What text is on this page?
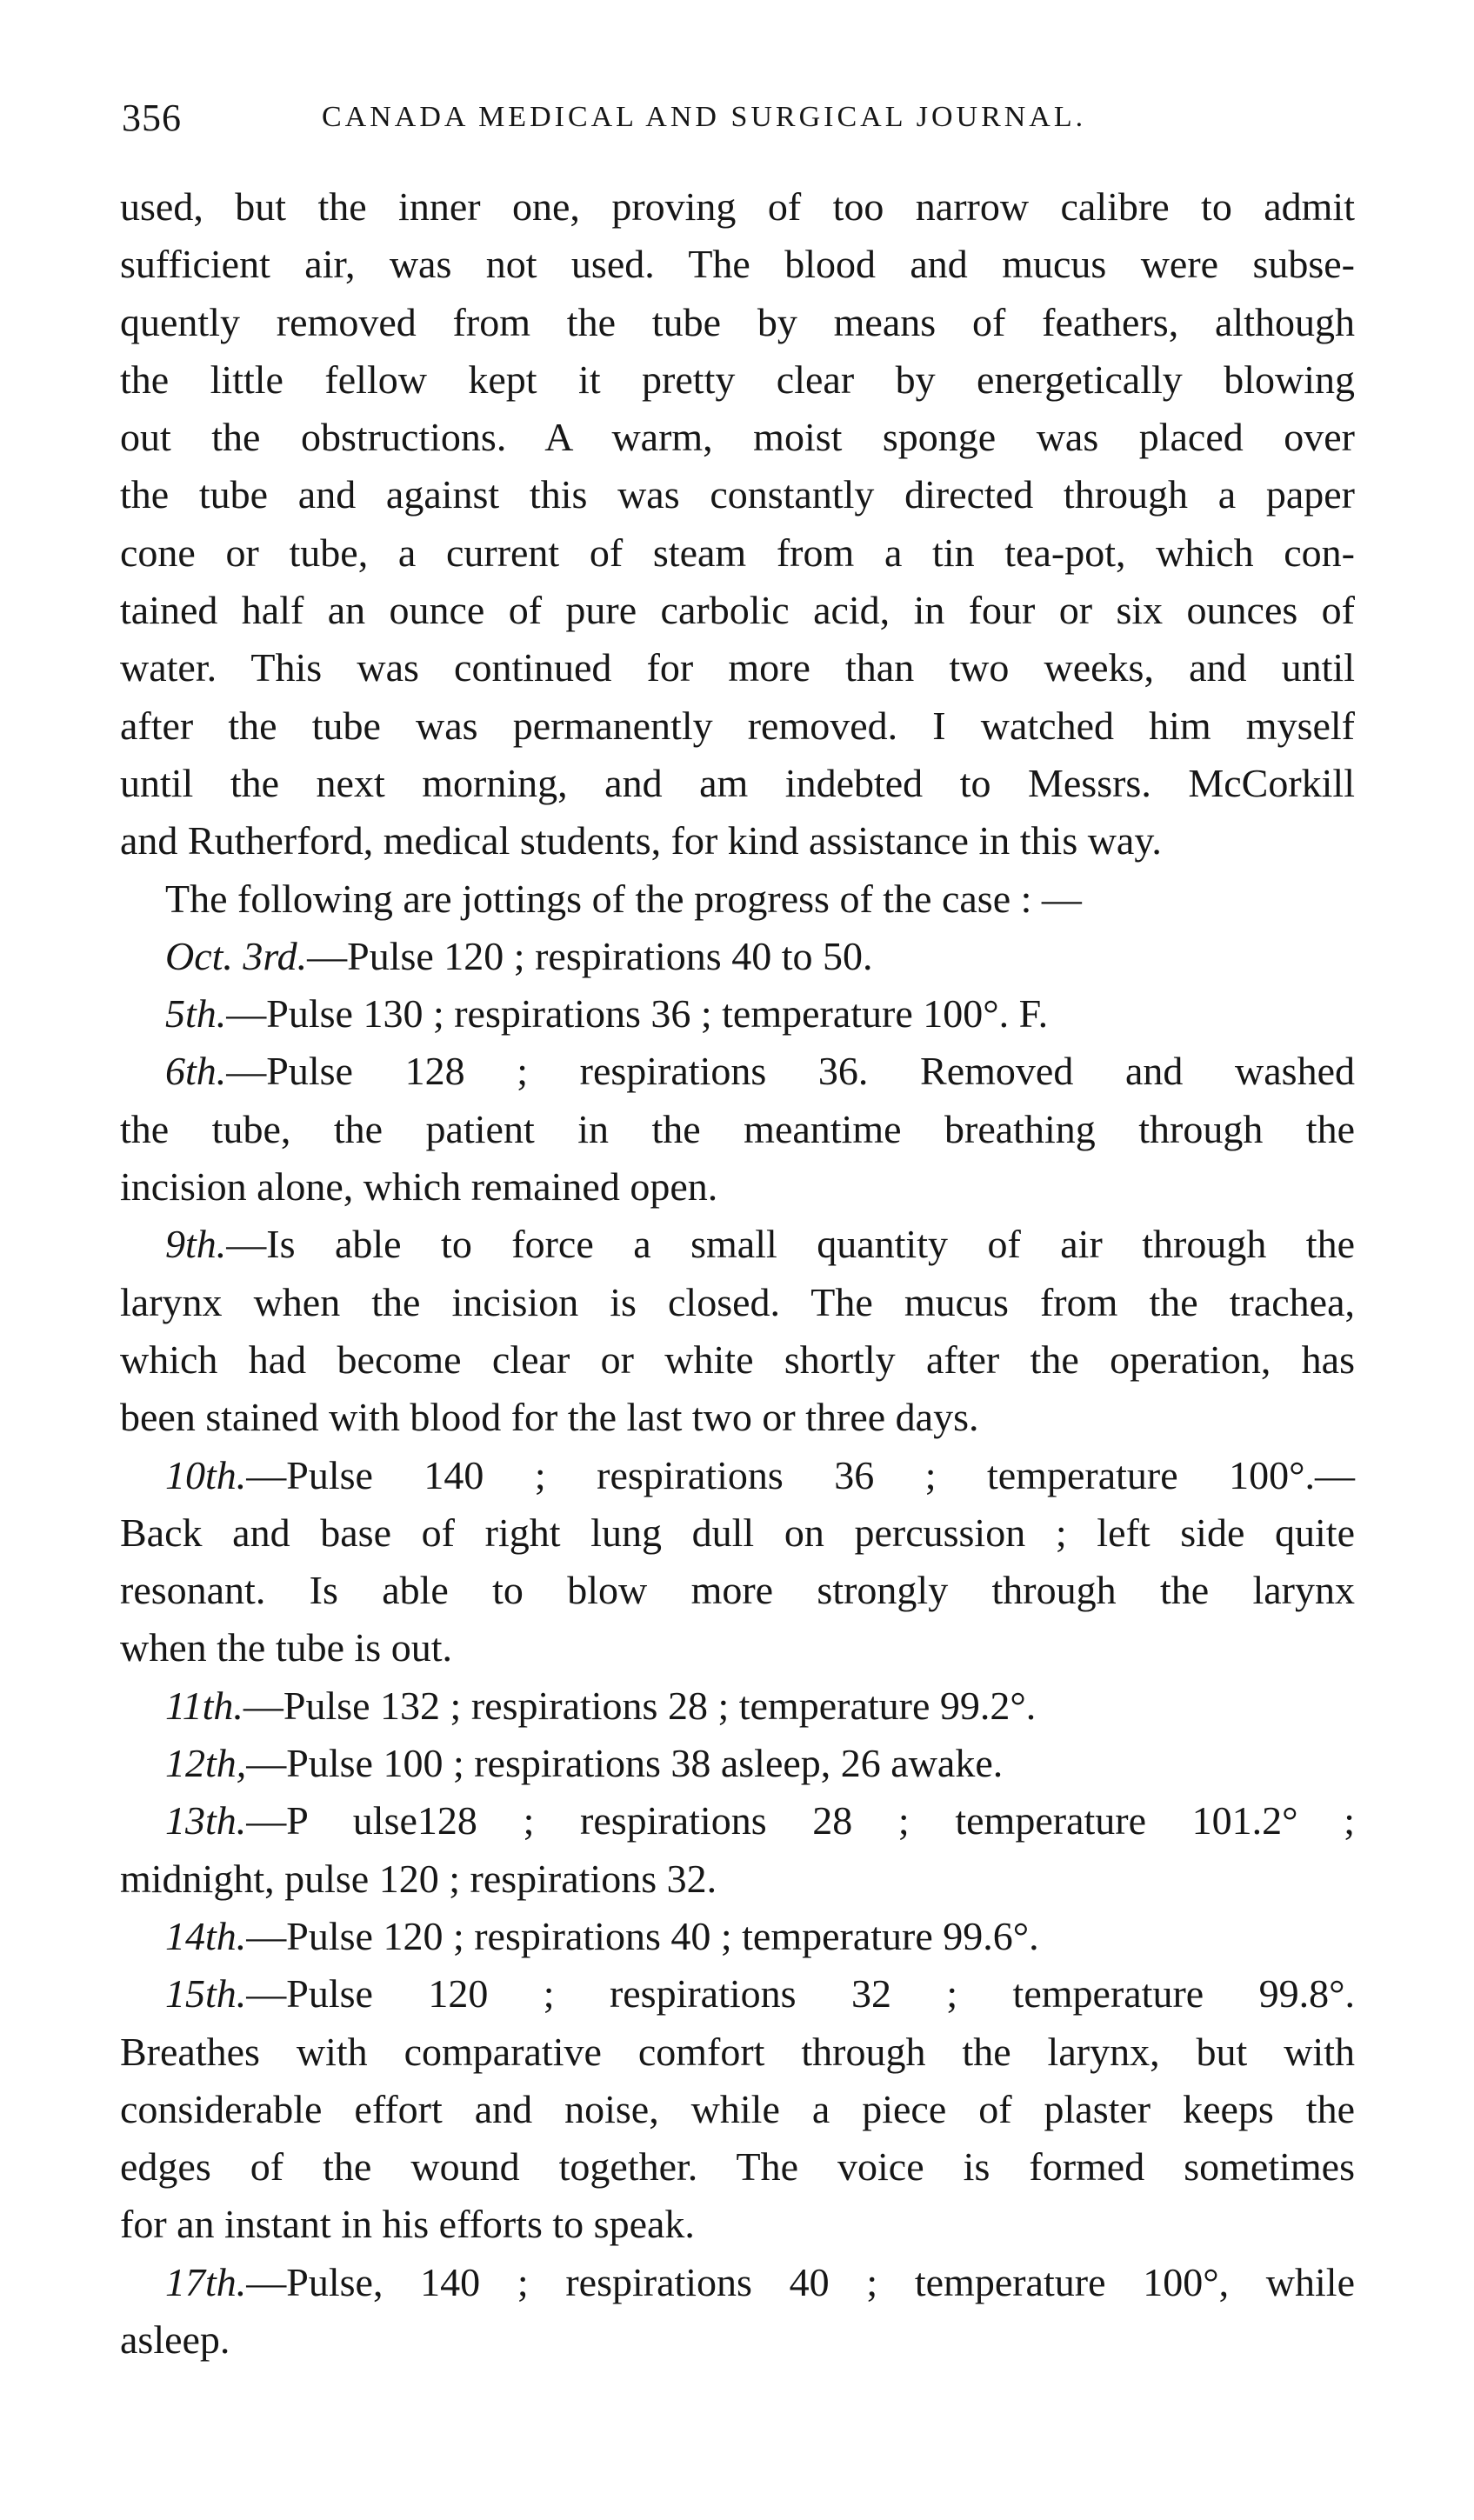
356	CANADA MEDICAL AND SURGICAL JOURNAL.
used, but the inner one, proving of too narrow calibre to admit
sufficient air, was not used. The blood and mucus were subse-
quently removed from the tube by means of feathers, although
the little fellow kept it pretty clear by energetically blowing
out the obstructions. A warm, moist sponge was placed over
the tube and against this was constantly directed through a paper
cone or tube, a current of steam from a tin tea-pot, which con-
tained half an ounce of pure carbolic acid, in four or six ounces of
water. This was continued for more than two weeks, and until
after the tube was permanently removed. I watched him myself
until the next morning, and am indebted to Messrs. McCorkill
and Rutherford, medical students, for kind assistance in this way.
The following are jottings of the progress of the case : —
Oct. 3rd.—Pulse 120 ; respirations 40 to 50.
5th.—Pulse 130 ; respirations 36 ; temperature 100°. F.
6th.—Pulse 128 ; respirations 36. Removed and washed
the tube, the patient in the meantime breathing through the
incision alone, which remained open.
9th.—Is able to force a small quantity of air through the
larynx when the incision is closed. The mucus from the trachea,
which had become clear or white shortly after the operation, has
been stained with blood for the last two or three days.
10th.—Pulse 140 ; respirations 36 ; temperature 100°.—
Back and base of right lung dull on percussion ; left side quite
resonant. Is able to blow more strongly through the larynx
when the tube is out.
11th.—Pulse 132 ; respirations 28 ; temperature 99.2°.
12th,—Pulse 100 ; respirations 38 asleep, 26 awake.
13th.—P ulse128 ; respirations 28 ; temperature 101.2° ;
midnight, pulse 120 ; respirations 32.
14th.—Pulse 120 ; respirations 40 ; temperature 99.6°.
15th.—Pulse 120 ; respirations 32 ; temperature 99.8°.
Breathes with comparative comfort through the larynx, but with
considerable effort and noise, while a piece of plaster keeps the
edges of the wound together. The voice is formed sometimes
for an instant in his efforts to speak.
17th.—Pulse, 140 ; respirations 40 ; temperature 100°, while
asleep.
